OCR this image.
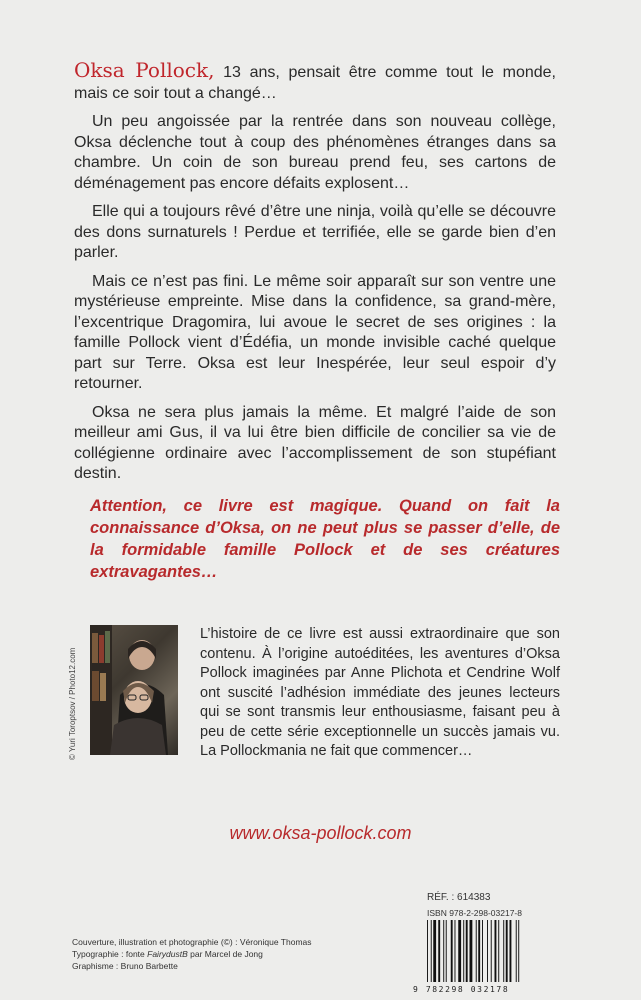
Oksa Pollock, 13 ans, pensait être comme tout le monde, mais ce soir tout a changé…

Un peu angoissée par la rentrée dans son nouveau collège, Oksa déclenche tout à coup des phénomènes étranges dans sa chambre. Un coin de son bureau prend feu, ses cartons de déménagement pas encore défaits explosent…

Elle qui a toujours rêvé d’être une ninja, voilà qu’elle se découvre des dons surnaturels ! Perdue et terrifiée, elle se garde bien d’en parler.

Mais ce n’est pas fini. Le même soir apparaît sur son ventre une mystérieuse empreinte. Mise dans la confidence, sa grand-mère, l’excentrique Dragomira, lui avoue le secret de ses origines : la famille Pollock vient d’Édéfia, un monde invisible caché quelque part sur Terre. Oksa est leur Inespérée, leur seul espoir d’y retourner.

Oksa ne sera plus jamais la même. Et malgré l’aide de son meilleur ami Gus, il va lui être bien difficile de concilier sa vie de collégienne ordinaire avec l’accomplissement de son stupéfiant destin.

Attention, ce livre est magique. Quand on fait la connaissance d’Oksa, on ne peut plus se passer d’elle, de la formidable famille Pollock et de ses créatures extravagantes…
© Yuri Toroptsov / Photo12.com
L’histoire de ce livre est aussi extraordinaire que son contenu. À l’origine autoéditées, les aventures d’Oksa Pollock imaginées par Anne Plichota et Cendrine Wolf ont suscité l’adhésion immédiate des jeunes lecteurs qui se sont transmis leur enthousiasme, faisant peu à peu de cette série exceptionnelle un succès jamais vu. La Pollockmania ne fait que commencer…
www.oksa-pollock.com
RÉF. : 614383
ISBN 978-2-298-03217-8
9 782298 032178
Couverture, illustration et photographie (©) : Véronique Thomas
Typographie : fonte FairydustB par Marcel de Jong
Graphisme : Bruno Barbette
